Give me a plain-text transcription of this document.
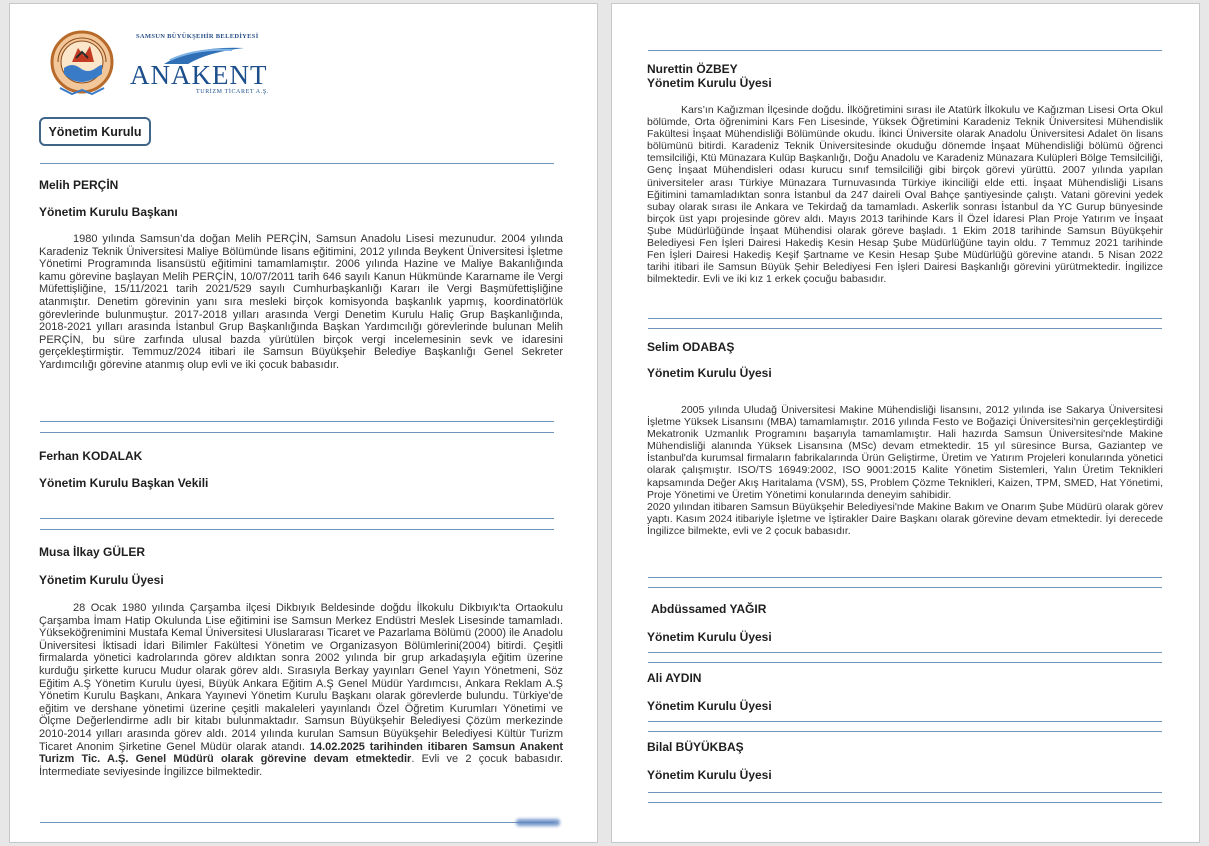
SAMSUN BÜYÜKŞEHİR BELEDİYESİ
ANAKENT
TURİZM TİCARET A.Ş.
Yönetim Kurulu
Melih PERÇİN
Yönetim Kurulu Başkanı

1980 yılında Samsun’da doğan Melih PERÇİN, Samsun Anadolu Lisesi mezunudur. 2004 yılında Karadeniz Teknik Üniversitesi Maliye Bölümünde lisans eğitimini, 2012 yılında Beykent Üniversitesi İşletme Yönetimi Programında lisansüstü eğitimini tamamlamıştır. 2006 yılında Hazine ve Maliye Bakanlığında kamu görevine başlayan Melih PERÇİN, 10/07/2011 tarih 646 sayılı Kanun Hükmünde Kararname ile Vergi Müfettişliğine, 15/11/2021 tarih 2021/529 sayılı Cumhurbaşkanlığı Kararı ile Vergi Başmüfettişliğine atanmıştır. Denetim görevinin yanı sıra mesleki birçok komisyonda başkanlık yapmış, koordinatörlük görevlerinde bulunmuştur. 2017-2018 yılları arasında Vergi Denetim Kurulu Haliç Grup Başkanlığında, 2018-2021 yılları arasında İstanbul Grup Başkanlığında Başkan Yardımcılığı görevlerinde bulunan Melih PERÇİN, bu süre zarfında ulusal bazda yürütülen birçok vergi incelemesinin sevk ve idaresini gerçekleştirmiştir. Temmuz/2024 itibari ile Samsun Büyükşehir Belediye Başkanlığı Genel Sekreter Yardımcılığı görevine atanmış olup evli ve iki çocuk babasıdır.

Ferhan KODALAK
Yönetim Kurulu Başkan Vekili
Musa İlkay GÜLER
Yönetim Kurulu Üyesi

28 Ocak 1980 yılında Çarşamba ilçesi Dikbıyık Beldesinde doğdu İlkokulu Dikbıyık'ta Ortaokulu Çarşamba İmam Hatip Okulunda Lise eğitimini ise Samsun Merkez Endüstri Meslek Lisesinde tamamladı. Yükseköğrenimini Mustafa Kemal Üniversitesi Uluslararası Ticaret ve Pazarlama Bölümü (2000) ile Anadolu Üniversitesi İktisadi İdari Bilimler Fakültesi Yönetim ve Organizasyon Bölümlerini(2004) bitirdi. Çeşitli firmalarda yönetici kadrolarında görev aldıktan sonra 2002 yılında bir grup arkadaşıyla eğitim üzerine kurduğu şirkette kurucu Mudur olarak görev aldı. Sırasıyla Berkay yayınları Genel Yayın Yönetmeni, Söz Eğitim A.Ş Yönetim Kurulu üyesi, Büyük Ankara Eğitim A.Ş Genel Müdür Yardımcısı, Ankara Reklam A.Ş Yönetim Kurulu Başkanı, Ankara Yayınevi Yönetim Kurulu Başkanı olarak görevlerde bulundu. Türkiye'de eğitim ve dershane yönetimi üzerine çeşitli makaleleri yayınlandı Özel Öğretim Kurumları Yönetimi ve Ölçme Değerlendirme adlı bir kitabı bulunmaktadır. Samsun Büyükşehir Belediyesi Çözüm merkezinde 2010-2014 yılları arasında görev aldı. 2014 yılında kurulan Samsun Büyükşehir Belediyesi Kültür Turizm Ticaret Anonim Şirketine Genel Müdür olarak atandı. 14.02.2025 tarihinden itibaren Samsun Anakent Turizm Tic. A.Ş. Genel Müdürü olarak görevine devam etmektedir. Evli ve 2 çocuk babasıdır. İntermediate seviyesinde İngilizce bilmektedir.

Nurettin ÖZBEY
Yönetim Kurulu Üyesi

Kars’ın Kağızman İlçesinde doğdu. İlköğretimini sırası ile Atatürk İlkokulu ve Kağızman Lisesi Orta Okul bölümde, Orta öğrenimini Kars Fen Lisesinde, Yüksek Öğretimini Karadeniz Teknik Üniversitesi Mühendislik Fakültesi İnşaat Mühendisliği Bölümünde okudu. İkinci Üniversite olarak Anadolu Üniversitesi Adalet ön lisans bölümünü bitirdi. Karadeniz Teknik Üniversitesinde okuduğu dönemde İnşaat Mühendisliği bölümü öğrenci temsilciliği, Ktü Münazara Kulüp Başkanlığı, Doğu Anadolu ve Karadeniz Münazara Kulüpleri Bölge Temsilciliği, Genç İnşaat Mühendisleri odası kurucu sınıf temsilciliği gibi birçok görevi yürüttü. 2007 yılında yapılan üniversiteler arası Türkiye Münazara Turnuvasında Türkiye ikinciliği elde etti. İnşaat Mühendisliği Lisans Eğitimini tamamladıktan sonra İstanbul da 247 daireli Oval Bahçe şantiyesinde çalıştı. Vatani görevini yedek subay olarak sırası ile Ankara ve Tekirdağ da tamamladı. Askerlik sonrası İstanbul da YC Gurup bünyesinde birçok üst yapı projesinde görev aldı. Mayıs 2013 tarihinde Kars İl Özel İdaresi Plan Proje Yatırım ve İnşaat Şube Müdürlüğünde İnşaat Mühendisi olarak göreve başladı. 1 Ekim 2018 tarihinde Samsun Büyükşehir Belediyesi Fen İşleri Dairesi Hakediş Kesin Hesap Şube Müdürlüğüne tayin oldu. 7 Temmuz 2021 tarihinde Fen İşleri Dairesi Hakediş Keşif Şartname ve Kesin Hesap Şube Müdürlüğü görevine atandı. 5 Nisan 2022 tarihi itibari ile Samsun Büyük Şehir Belediyesi Fen İşleri Dairesi Başkanlığı görevini yürütmektedir. İngilizce bilmektedir. Evli ve iki kız 1 erkek çocuğu babasıdır.

Selim ODABAŞ
Yönetim Kurulu Üyesi

2005 yılında Uludağ Üniversitesi Makine Mühendisliği lisansını, 2012 yılında ise Sakarya Üniversitesi İşletme Yüksek Lisansını (MBA) tamamlamıştır. 2016 yılında Festo ve Boğaziçi Üniversitesi'nin gerçekleştirdiği Mekatronik Uzmanlık Programını başarıyla tamamlamıştır. Hali hazırda Samsun Üniversitesi'nde Makine Mühendisliği alanında Yüksek Lisansına (MSc) devam etmektedir. 15 yıl süresince Bursa, Gaziantep ve İstanbul'da kurumsal firmaların fabrikalarında Ürün Geliştirme, Üretim ve Yatırım Projeleri konularında yönetici olarak çalışmıştır. ISO/TS 16949:2002, ISO 9001:2015 Kalite Yönetim Sistemleri, Yalın Üretim Teknikleri kapsamında Değer Akış Haritalama (VSM), 5S, Problem Çözme Teknikleri, Kaizen, TPM, SMED, Hat Yönetimi, Proje Yönetimi ve Üretim Yönetimi konularında deneyim sahibidir.
2020 yılından itibaren Samsun Büyükşehir Belediyesi'nde Makine Bakım ve Onarım Şube Müdürü olarak görev yaptı. Kasım 2024 itibariyle İşletme ve İştirakler Daire Başkanı olarak görevine devam etmektedir. İyi derecede İngilizce bilmekte, evli ve 2 çocuk babasıdır.

Abdüssamed YAĞIR
Yönetim Kurulu Üyesi
Ali AYDIN
Yönetim Kurulu Üyesi
Bilal BÜYÜKBAŞ
Yönetim Kurulu Üyesi
